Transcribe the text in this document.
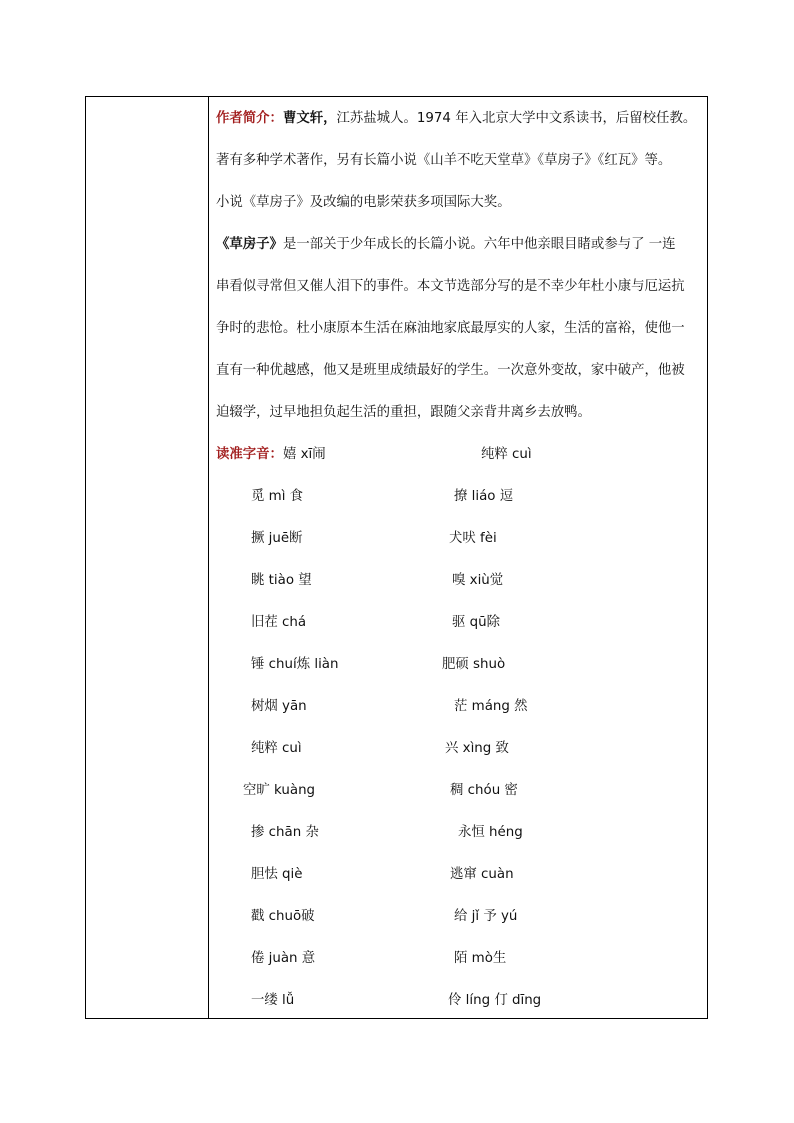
作者简介：曹文轩，江苏盐城人。1974 年入北京大学中文系读书，后留校任教。
著有多种学术著作，另有长篇小说《山羊不吃天堂草》《草房子》《红瓦》等。
小说《草房子》及改编的电影荣获多项国际大奖。
《草房子》是一部关于少年成长的长篇小说。六年中他亲眼目睹或参与了 一连
串看似寻常但又催人泪下的事件。本文节选部分写的是不幸少年杜小康与厄运抗
争时的悲怆。杜小康原本生活在麻油地家底最厚实的人家，生活的富裕，使他一
直有一种优越感，他又是班里成绩最好的学生。一次意外变故，家中破产，他被
迫辍学，过早地担负起生活的重担，跟随父亲背井离乡去放鸭。
读准字音：嬉 xī闹	纯粹 cuì
觅 mì 食	撩 liáo 逗
撅 juē断	犬吠 fèi
眺 tiào 望	嗅 xiù觉
旧茬 chá	驱 qū除
锤 chuí炼 liàn	肥硕 shuò
树烟 yān	茫 máng 然
纯粹 cuì	兴 xìng 致
空旷 kuàng	稠 chóu 密
掺 chān 杂	永恒 héng
胆怯 qiè	逃窜 cuàn
戳 chuō破	给 jǐ 予 yú
倦 juàn 意	陌 mò生
一缕 lǚ	伶 líng 仃 dīng
